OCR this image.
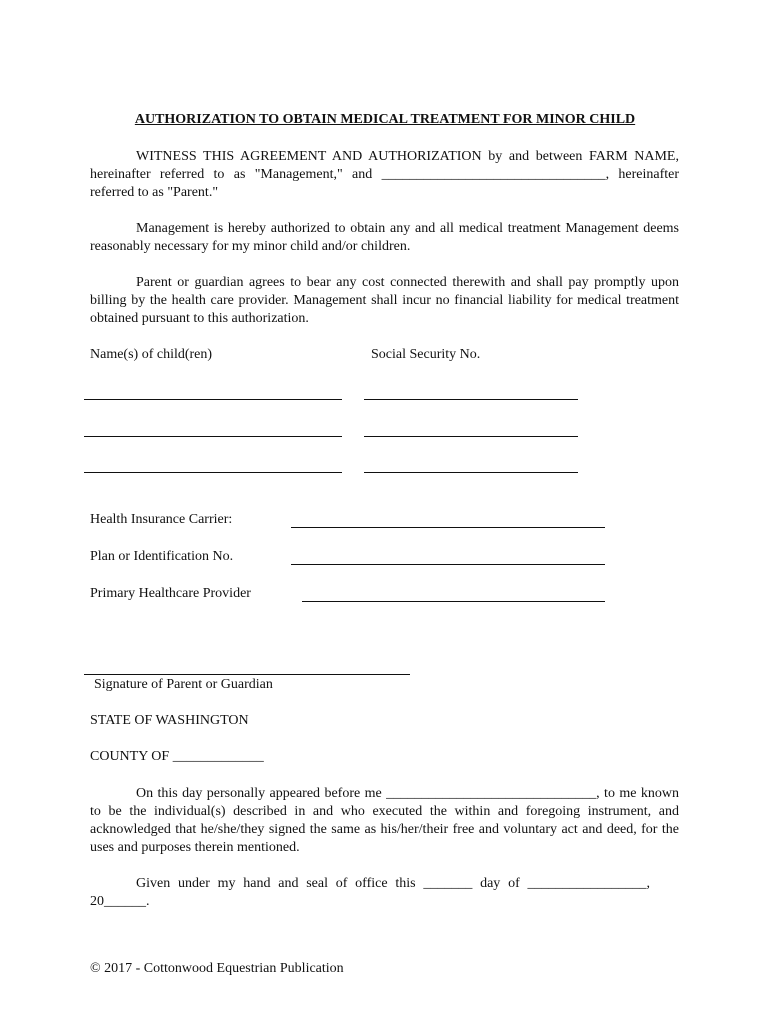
AUTHORIZATION TO OBTAIN MEDICAL TREATMENT FOR MINOR CHILD
WITNESS THIS AGREEMENT AND AUTHORIZATION by and between FARM NAME, hereinafter referred to as "Management," and ________________________________, hereinafter referred to as "Parent."
Management is hereby authorized to obtain any and all medical treatment Management deems reasonably necessary for my minor child and/or children.
Parent or guardian agrees to bear any cost connected therewith and shall pay promptly upon billing by the health care provider. Management shall incur no financial liability for medical treatment obtained pursuant to this authorization.
Name(s) of child(ren)	Social Security No.
Health Insurance Carrier:
Plan or Identification No.
Primary Healthcare Provider
Signature of Parent or Guardian
STATE OF WASHINGTON
COUNTY OF _____________
On this day personally appeared before me ______________________________, to me known to be the individual(s) described in and who executed the within and foregoing instrument, and acknowledged that he/she/they signed the same as his/her/their free and voluntary act and deed, for the uses and purposes therein mentioned.
Given under my hand and seal of office this _______ day of _________________, 20______.
© 2017 - Cottonwood Equestrian Publication
